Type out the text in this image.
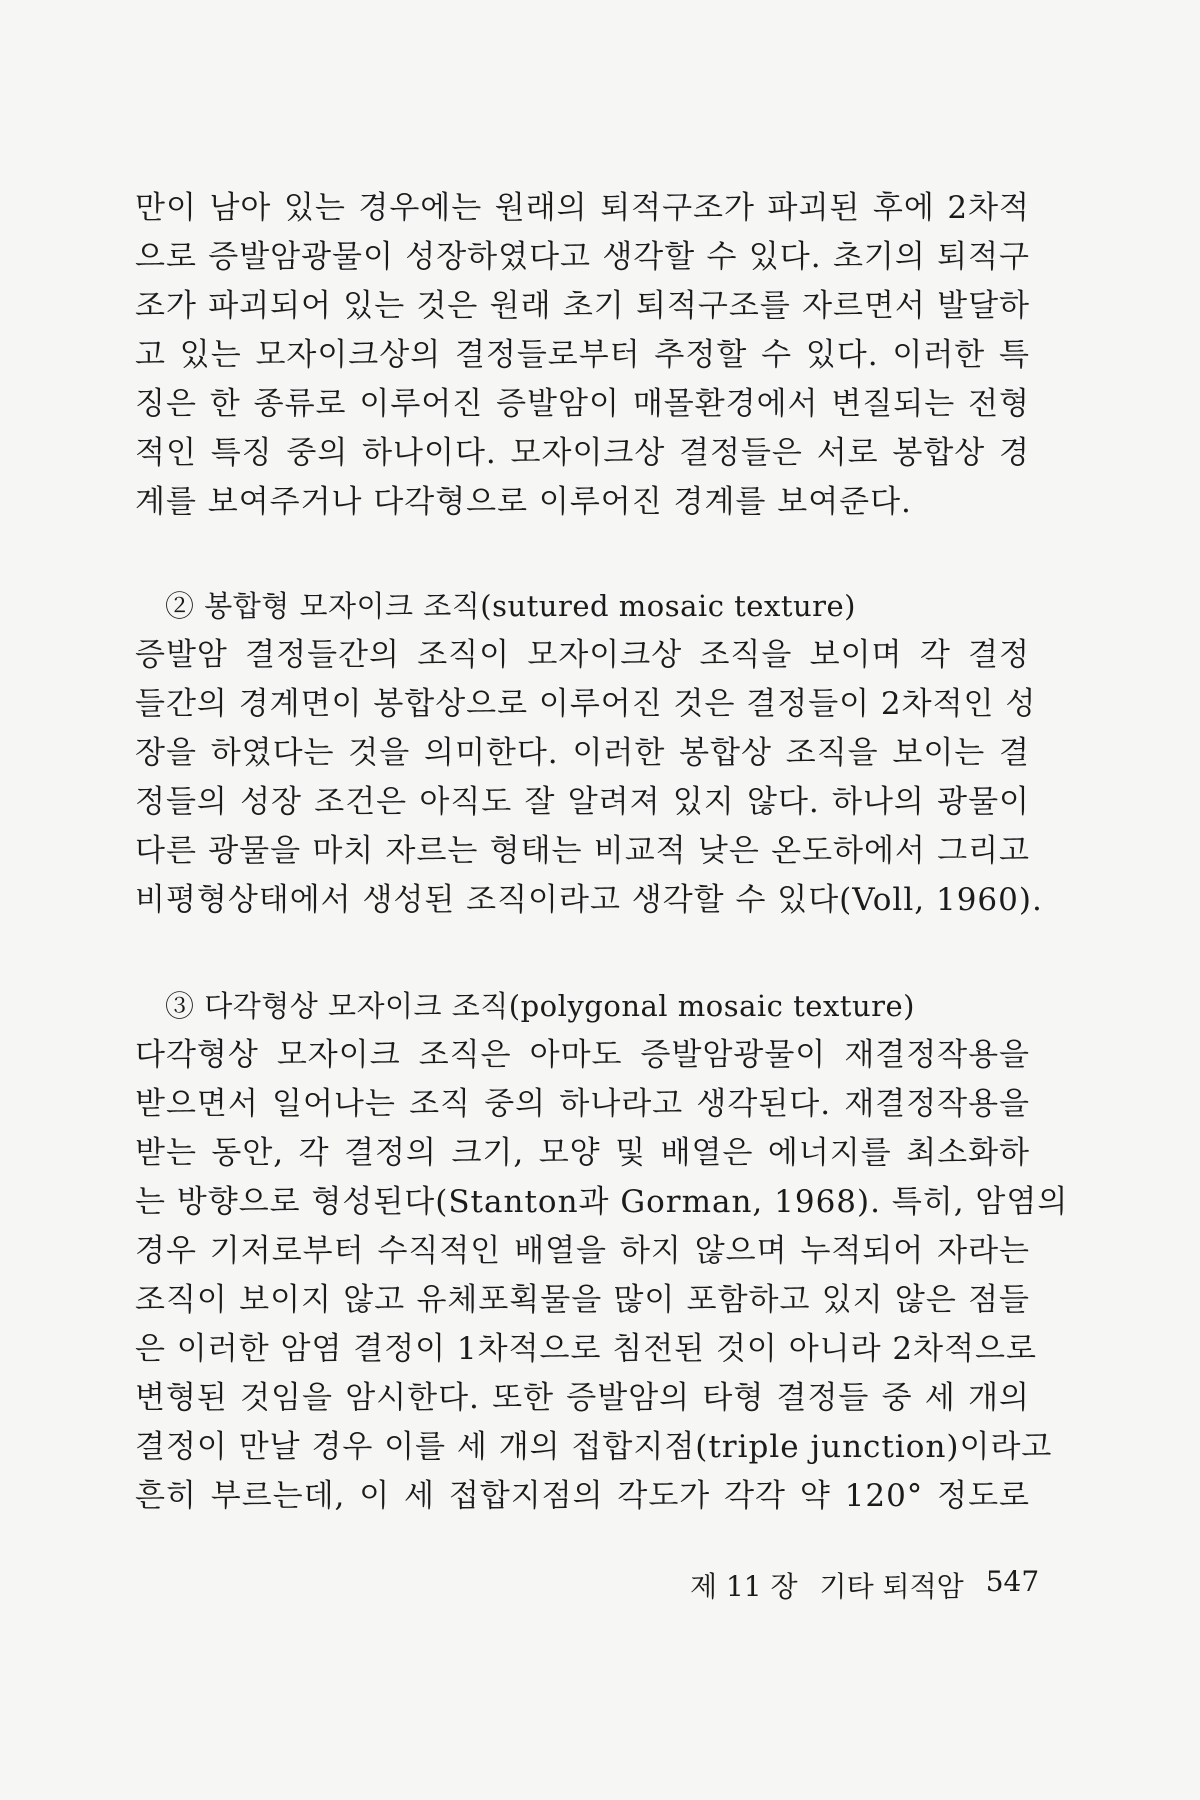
만이 남아 있는 경우에는 원래의 퇴적구조가 파괴된 후에 2차적
으로 증발암광물이 성장하였다고 생각할 수 있다. 초기의 퇴적구
조가 파괴되어 있는 것은 원래 초기 퇴적구조를 자르면서 발달하
고 있는 모자이크상의 결정들로부터 추정할 수 있다. 이러한 특
징은 한 종류로 이루어진 증발암이 매몰환경에서 변질되는 전형
적인 특징 중의 하나이다. 모자이크상 결정들은 서로 봉합상 경
계를 보여주거나 다각형으로 이루어진 경계를 보여준다.
② 봉합형 모자이크 조직(sutured mosaic texture)
증발암 결정들간의 조직이 모자이크상 조직을 보이며 각 결정
들간의 경계면이 봉합상으로 이루어진 것은 결정들이 2차적인 성
장을 하였다는 것을 의미한다. 이러한 봉합상 조직을 보이는 결
정들의 성장 조건은 아직도 잘 알려져 있지 않다. 하나의 광물이
다른 광물을 마치 자르는 형태는 비교적 낮은 온도하에서 그리고
비평형상태에서 생성된 조직이라고 생각할 수 있다(Voll, 1960).
③ 다각형상 모자이크 조직(polygonal mosaic texture)
다각형상 모자이크 조직은 아마도 증발암광물이 재결정작용을
받으면서 일어나는 조직 중의 하나라고 생각된다. 재결정작용을
받는 동안, 각 결정의 크기, 모양 및 배열은 에너지를 최소화하
는 방향으로 형성된다(Stanton과 Gorman, 1968). 특히, 암염의
경우 기저로부터 수직적인 배열을 하지 않으며 누적되어 자라는
조직이 보이지 않고 유체포획물을 많이 포함하고 있지 않은 점들
은 이러한 암염 결정이 1차적으로 침전된 것이 아니라 2차적으로
변형된 것임을 암시한다. 또한 증발암의 타형 결정들 중 세 개의
결정이 만날 경우 이를 세 개의 접합지점(triple junction)이라고
흔히 부르는데, 이 세 접합지점의 각도가 각각 약 120° 정도로
제 11 장 기타 퇴적암 547
